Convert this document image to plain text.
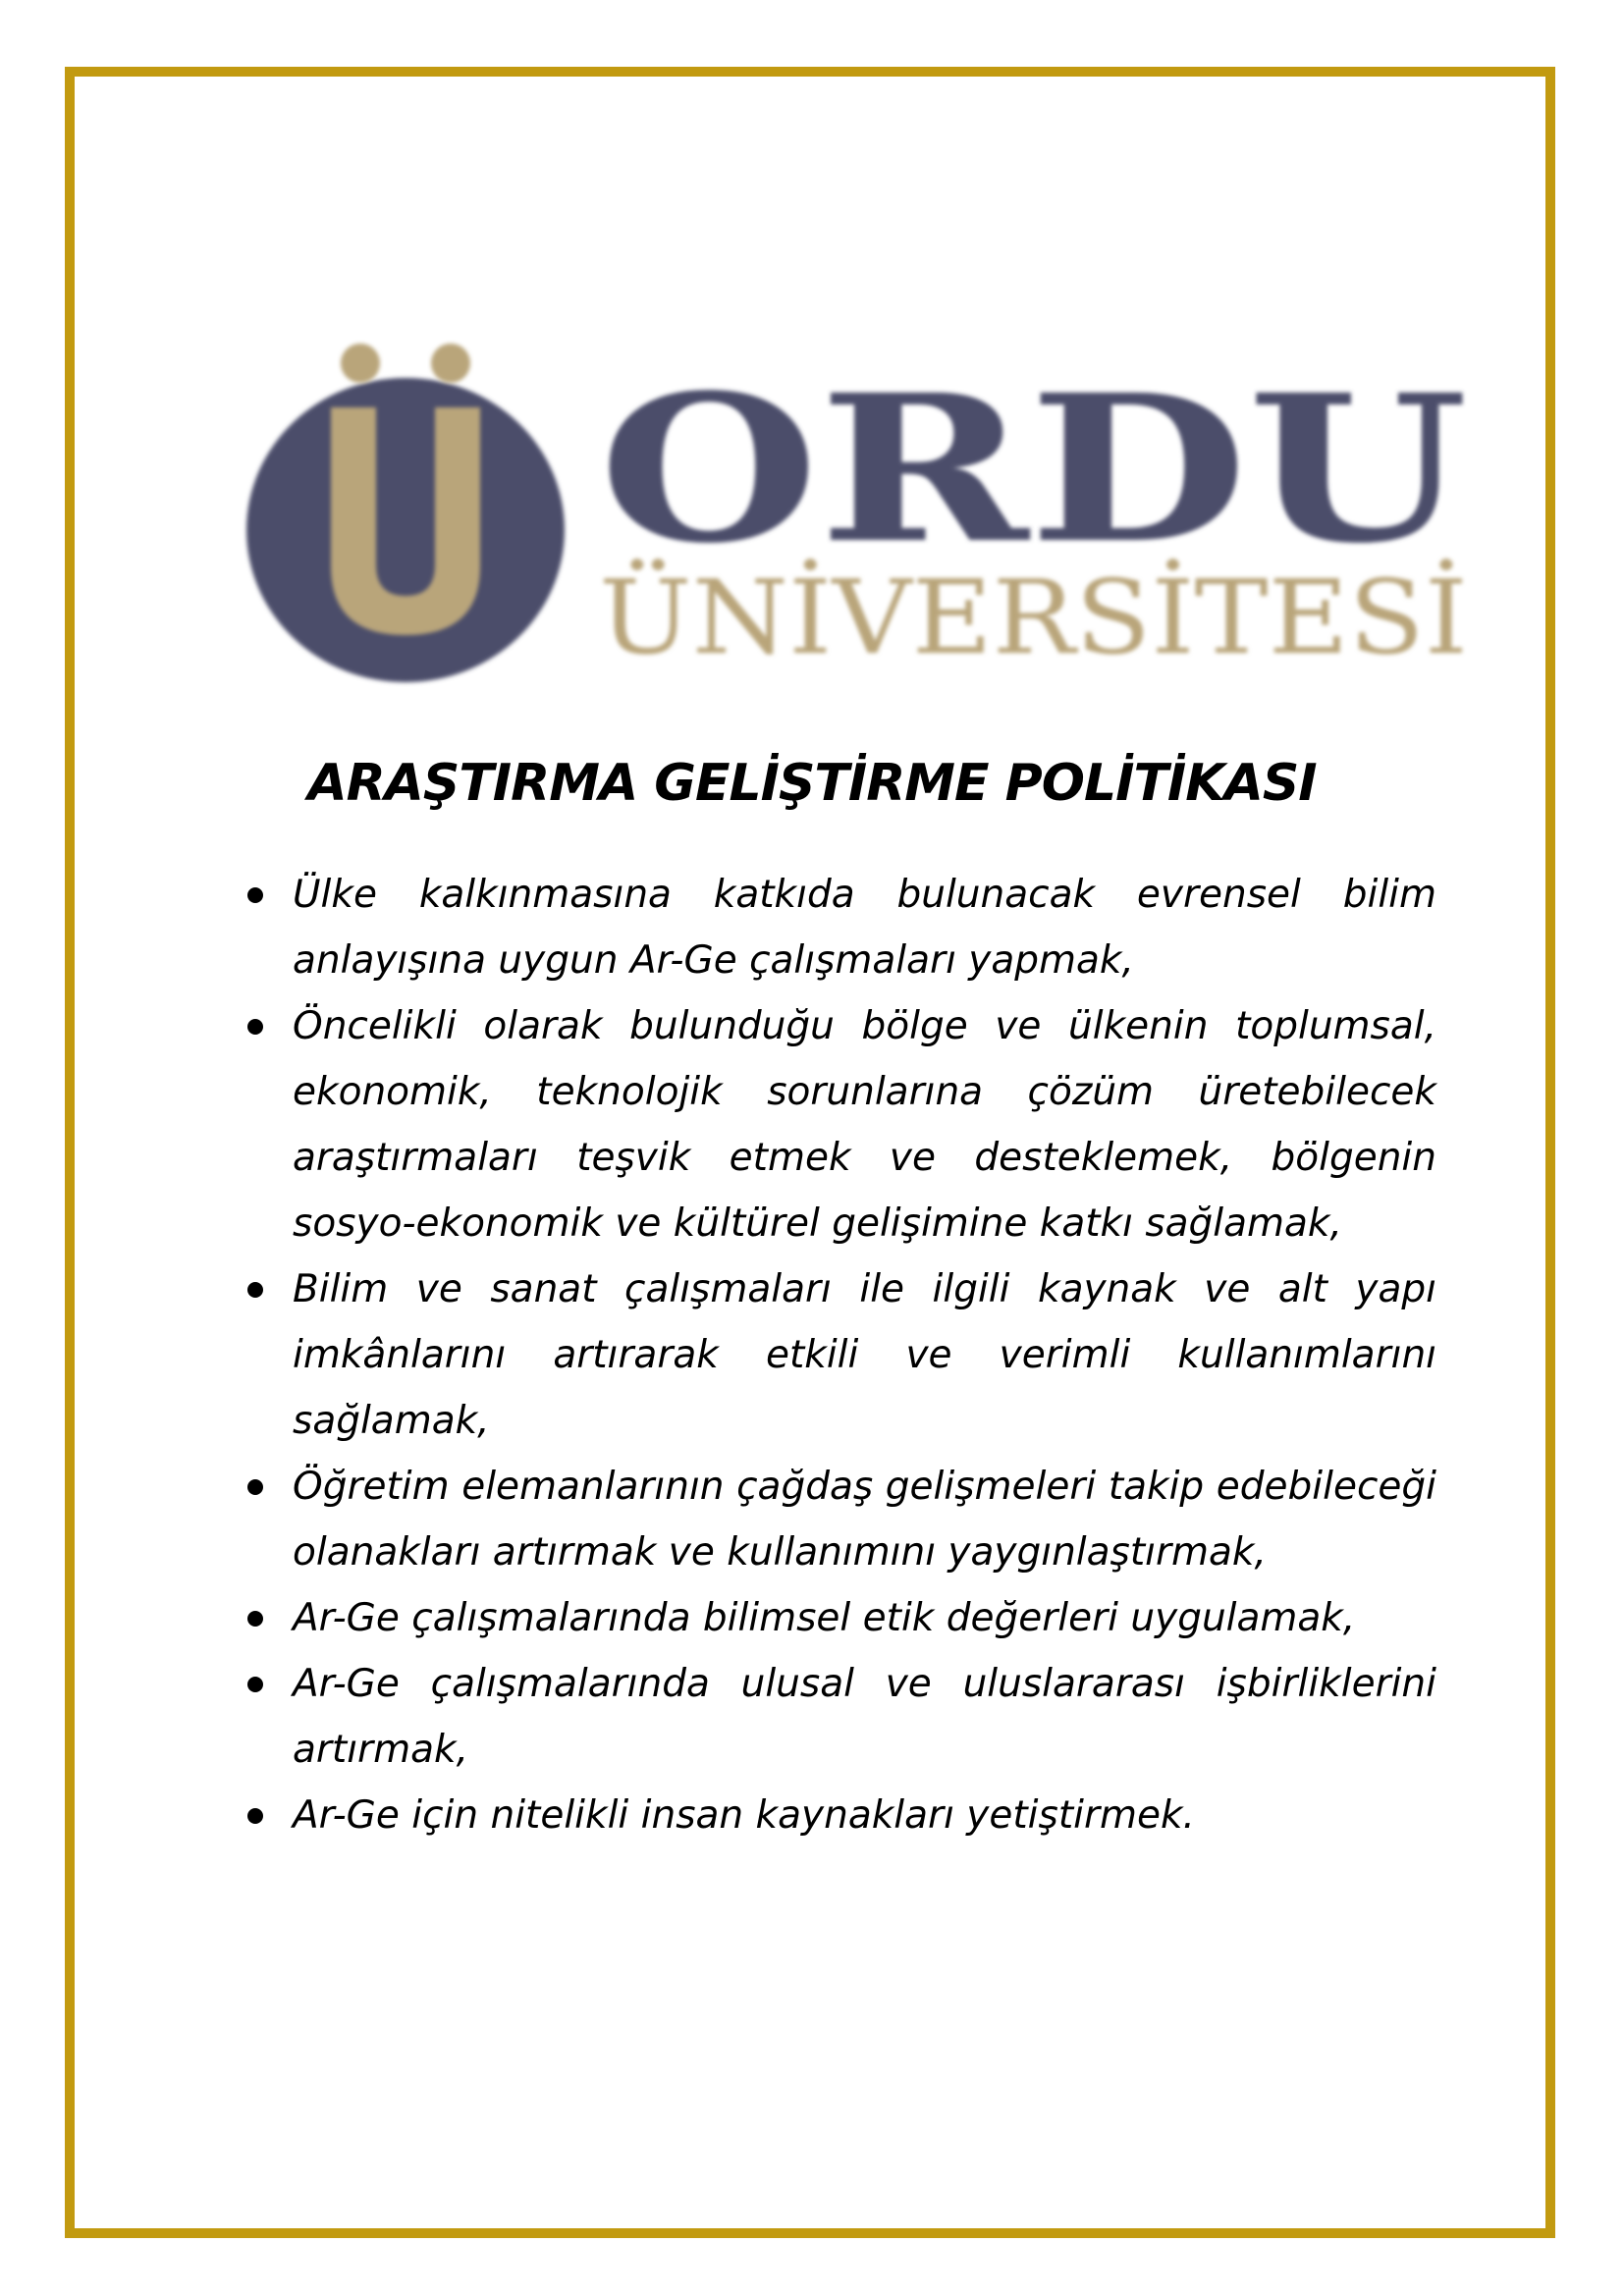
ORDU
ÜNİVERSİTESİ
ARAŞTIRMA GELİŞTİRME POLİTİKASI
Ülke kalkınmasına katkıda bulunacak evrensel bilim anlayışına uygun Ar-Ge çalışmaları yapmak,
Öncelikli olarak bulunduğu bölge ve ülkenin toplumsal, ekonomik, teknolojik sorunlarına çözüm üretebilecek araştırmaları teşvik etmek ve desteklemek, bölgenin sosyo-ekonomik ve kültürel gelişimine katkı sağlamak,
Bilim ve sanat çalışmaları ile ilgili kaynak ve alt yapı imkânlarını artırarak etkili ve verimli kullanımlarını sağlamak,
Öğretim elemanlarının çağdaş gelişmeleri takip edebileceği olanakları artırmak ve kullanımını yaygınlaştırmak,
Ar-Ge çalışmalarında bilimsel etik değerleri uygulamak,
Ar-Ge çalışmalarında ulusal ve uluslararası işbirliklerini artırmak,
Ar-Ge için nitelikli insan kaynakları yetiştirmek.
